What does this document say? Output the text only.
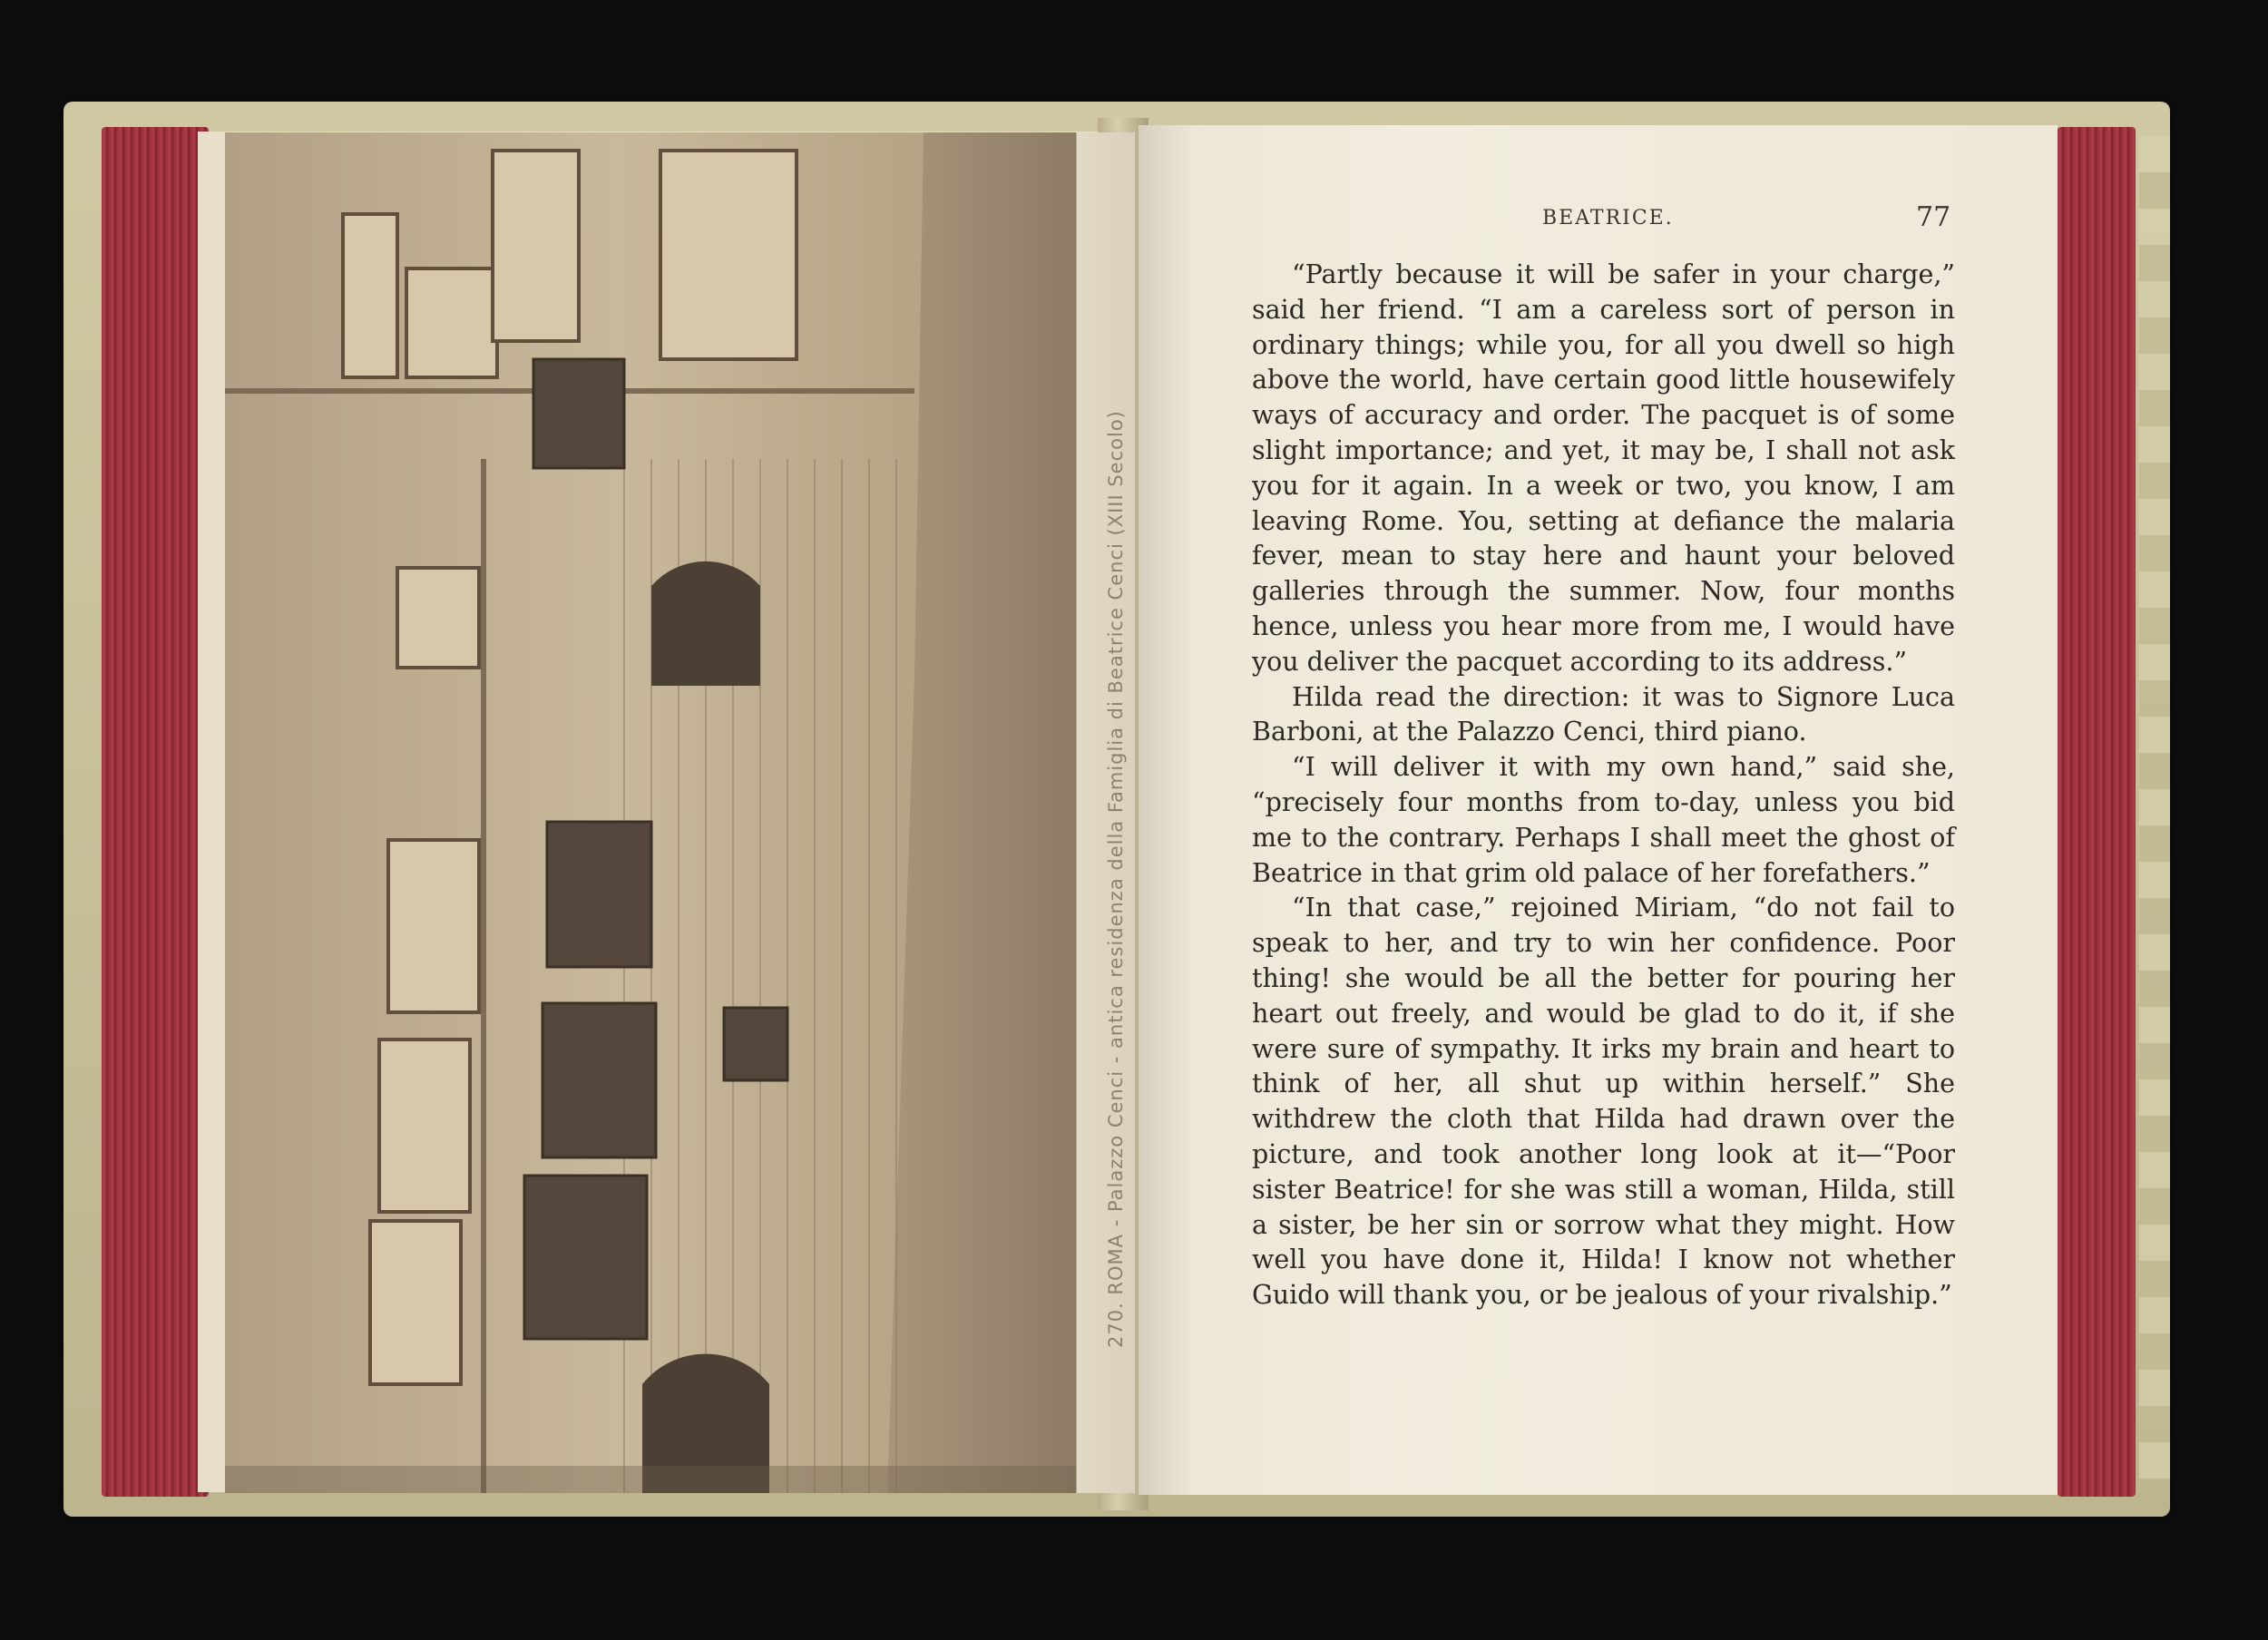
270. ROMA - Palazzo Cenci - antica residenza della Famiglia di Beatrice Cenci (XIII Secolo)
BEATRICE.	77

“Partly because it will be safer in your charge,” said her friend. “I am a careless sort of person in ordinary things; while you, for all you dwell so high above the world, have certain good little housewifely ways of accuracy and order. The pacquet is of some slight importance; and yet, it may be, I shall not ask you for it again. In a week or two, you know, I am leaving Rome. You, setting at defiance the malaria fever, mean to stay here and haunt your beloved galleries through the summer. Now, four months hence, unless you hear more from me, I would have you deliver the pacquet according to its address.”

Hilda read the direction: it was to Signore Luca Barboni, at the Palazzo Cenci, third piano.

“I will deliver it with my own hand,” said she, “precisely four months from to-day, unless you bid me to the contrary. Perhaps I shall meet the ghost of Beatrice in that grim old palace of her forefathers.”

“In that case,” rejoined Miriam, “do not fail to speak to her, and try to win her confidence. Poor thing! she would be all the better for pouring her heart out freely, and would be glad to do it, if she were sure of sympathy. It irks my brain and heart to think of her, all shut up within herself.” She withdrew the cloth that Hilda had drawn over the picture, and took another long look at it—“Poor sister Beatrice! for she was still a woman, Hilda, still a sister, be her sin or sorrow what they might. How well you have done it, Hilda! I know not whether Guido will thank you, or be jealous of your rivalship.”
